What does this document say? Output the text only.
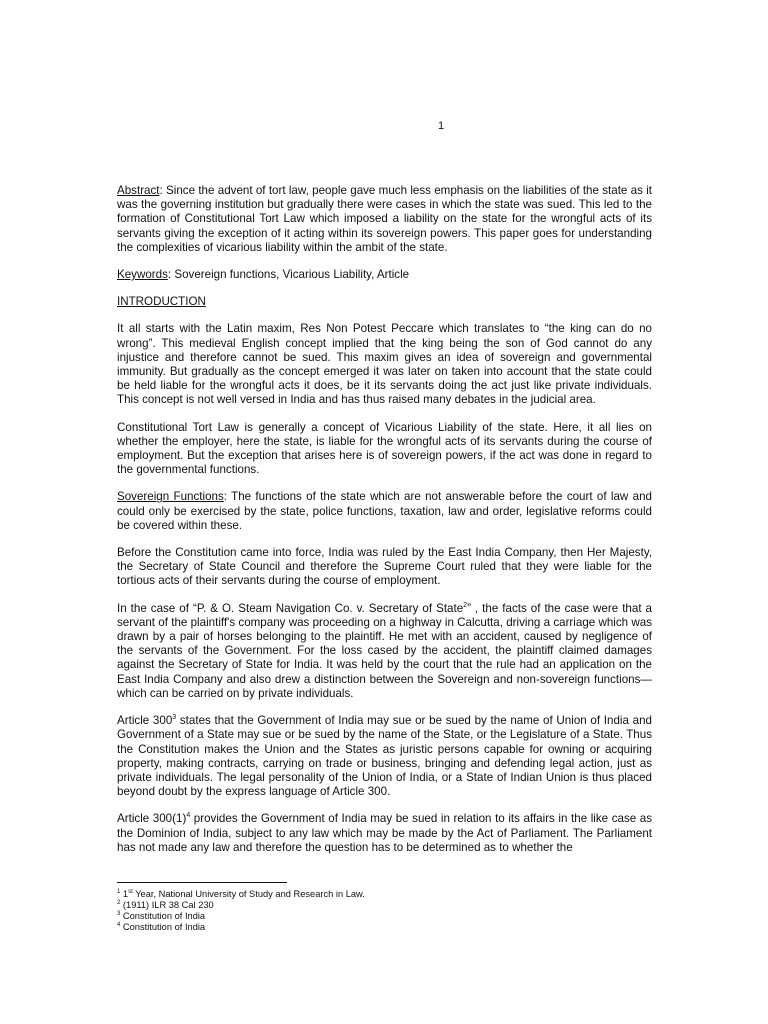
1

Abstract: Since the advent of tort law, people gave much less emphasis on the liabilities of the state as it was the governing institution but gradually there were cases in which the state was sued. This led to the formation of Constitutional Tort Law which imposed a liability on the state for the wrongful acts of its servants giving the exception of it acting within its sovereign powers. This paper goes for understanding the complexities of vicarious liability within the ambit of the state.

Keywords: Sovereign functions, Vicarious Liability, Article

INTRODUCTION

It all starts with the Latin maxim, Res Non Potest Peccare which translates to “the king can do no wrong”. This medieval English concept implied that the king being the son of God cannot do any injustice and therefore cannot be sued. This maxim gives an idea of sovereign and governmental immunity. But gradually as the concept emerged it was later on taken into account that the state could be held liable for the wrongful acts it does, be it its servants doing the act just like private individuals. This concept is not well versed in India and has thus raised many debates in the judicial area.

Constitutional Tort Law is generally a concept of Vicarious Liability of the state. Here, it all lies on whether the employer, here the state, is liable for the wrongful acts of its servants during the course of employment. But the exception that arises here is of sovereign powers, if the act was done in regard to the governmental functions.

Sovereign Functions: The functions of the state which are not answerable before the court of law and could only be exercised by the state, police functions, taxation, law and order, legislative reforms could be covered within these.

Before the Constitution came into force, India was ruled by the East India Company, then Her Majesty, the Secretary of State Council and therefore the Supreme Court ruled that they were liable for the tortious acts of their servants during the course of employment.

In the case of “P. & O. Steam Navigation Co. v. Secretary of State$^2$” , the facts of the case were that a servant of the plaintiff's company was proceeding on a highway in Calcutta, driving a carriage which was drawn by a pair of horses belonging to the plaintiff. He met with an accident, caused by negligence of the servants of the Government. For the loss cased by the accident, the plaintiff claimed damages against the Secretary of State for India. It was held by the court that the rule had an application on the East India Company and also drew a distinction between the Sovereign and non-sovereign functions—which can be carried on by private individuals.

Article $300^3$ states that the Government of India may sue or be sued by the name of Union of India and Government of a State may sue or be sued by the name of the State, or the Legislature of a State. Thus the Constitution makes the Union and the States as juristic persons capable for owning or acquiring property, making contracts, carrying on trade or business, bringing and defending legal action, just as private individuals. The legal personality of the Union of India, or a State of Indian Union is thus placed beyond doubt by the express language of Article 300.

Article $300(1)^4$ provides the Government of India may be sued in relation to its affairs in the like case as the Dominion of India, subject to any law which may be made by the Act of Parliament. The Parliament has not made any law and therefore the question has to be determined as to whether the

$^1$ 1st Year, National University of Study and Research in Law.
$^2$ (1911) ILR 38 Cal 230
$^3$ Constitution of India
$^4$ Constitution of India
